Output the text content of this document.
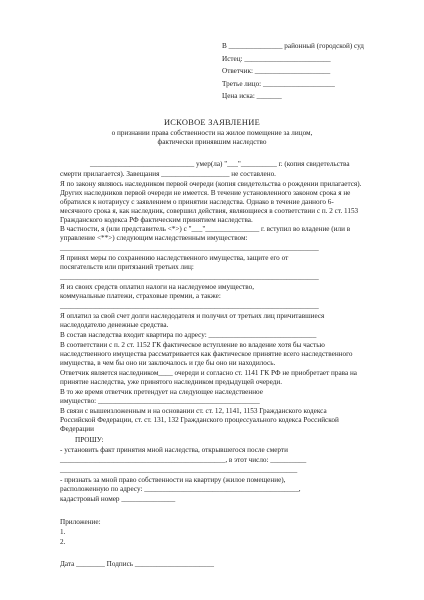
В _______________ районный (городской) суд
Истец: ________________________
Ответчик: _____________________
Третье лицо: ____________________
Цена иска: _______
ИСКОВОЕ ЗАЯВЛЕНИЕ
о признании права собственности на жилое помещение за лицом,
фактически принявшим наследство
_____________________________ умер(ла) "___"__________ г. (копия свидетельства
смерти прилагается). Завещания ___________________ не составлено.
Я по закону являюсь наследником первой очереди (копия свидетельства о рождении прилагается).
Других наследников первой очереди не имеется. В течение установленного законом срока я не
обратился к нотариусу с заявлением о принятии наследства. Однако в течение данного 6-
месячного срока я, как наследник, совершил действия, являющиеся в соответствии с п. 2 ст. 1153
Гражданского кодекса РФ фактическим принятием наследства.
В частности, я (или представитель <*>) с "___"_______________ г. вступил во владение (или в
управление <**>) следующим наследственным имуществом:
________________________________________________________________________
Я принял меры по сохранению наследственного имущества, защите его от
посягательств или притязаний третьих лиц:
________________________________________________________________________
Я из своих средств оплатил налоги на наследуемое имущество,
коммунальные платежи, страховые премии, а также:
________________________________________________________________________
Я оплатил за свой счет долги наследодателя и получил от третьих лиц причитавшиеся
наследодателю денежные средства.
В состав наследства входит квартира по адресу: ______________________________
В соответствии с п. 2 ст. 1152 ГК фактическое вступление во владение хотя бы частью
наследственного имущества рассматривается как фактическое принятие всего наследственного
имущества, в чем бы оно ни заключалось и где бы оно ни находилось.
Ответчик является наследником____ очереди и согласно ст. 1141 ГК РФ не приобретает права на
принятие наследства, уже принятого наследником предыдущей очереди.
В то же время ответчик претендует на следующее наследственное
имущество: _____________________________________________
В связи с вышеизложенным и на основании ст. ст. 12, 1141, 1153 Гражданского кодекса
Российской Федерации, ст. ст. 131, 132 Гражданского процессуального кодекса Российской
Федерации
ПРОШУ:
- установить факт принятия мной наследства, открывшегося после смерти
______________________________________________, в этот число: __________
__________________________________________________________________
- признать за мной право собственности на квартиру (жилое помещение),
расположенную по адресу: ___________________________________________,
кадастровый номер _______________
Приложение:
1.
2.
Дата ________ Подпись ______________________
